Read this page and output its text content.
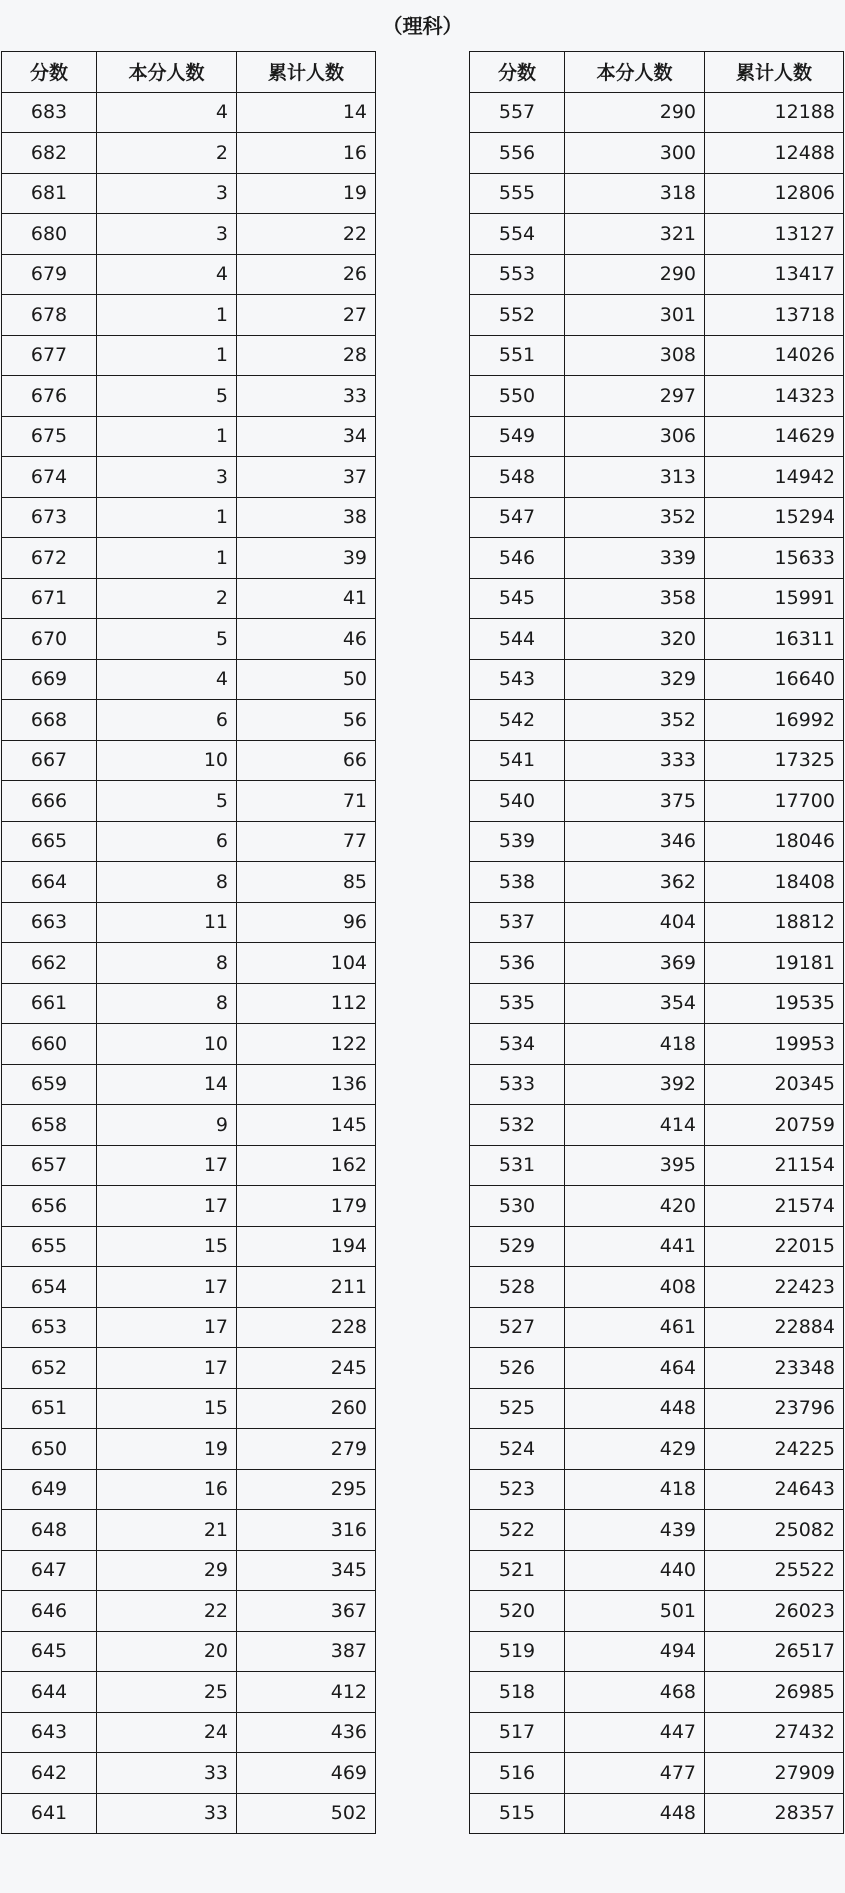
（理科）
分数	本分人数	累计人数
683	4	14
682	2	16
681	3	19
680	3	22
679	4	26
678	1	27
677	1	28
676	5	33
675	1	34
674	3	37
673	1	38
672	1	39
671	2	41
670	5	46
669	4	50
668	6	56
667	10	66
666	5	71
665	6	77
664	8	85
663	11	96
662	8	104
661	8	112
660	10	122
659	14	136
658	9	145
657	17	162
656	17	179
655	15	194
654	17	211
653	17	228
652	17	245
651	15	260
650	19	279
649	16	295
648	21	316
647	29	345
646	22	367
645	20	387
644	25	412
643	24	436
642	33	469
641	33	502
分数	本分人数	累计人数
557	290	12188
556	300	12488
555	318	12806
554	321	13127
553	290	13417
552	301	13718
551	308	14026
550	297	14323
549	306	14629
548	313	14942
547	352	15294
546	339	15633
545	358	15991
544	320	16311
543	329	16640
542	352	16992
541	333	17325
540	375	17700
539	346	18046
538	362	18408
537	404	18812
536	369	19181
535	354	19535
534	418	19953
533	392	20345
532	414	20759
531	395	21154
530	420	21574
529	441	22015
528	408	22423
527	461	22884
526	464	23348
525	448	23796
524	429	24225
523	418	24643
522	439	25082
521	440	25522
520	501	26023
519	494	26517
518	468	26985
517	447	27432
516	477	27909
515	448	28357
